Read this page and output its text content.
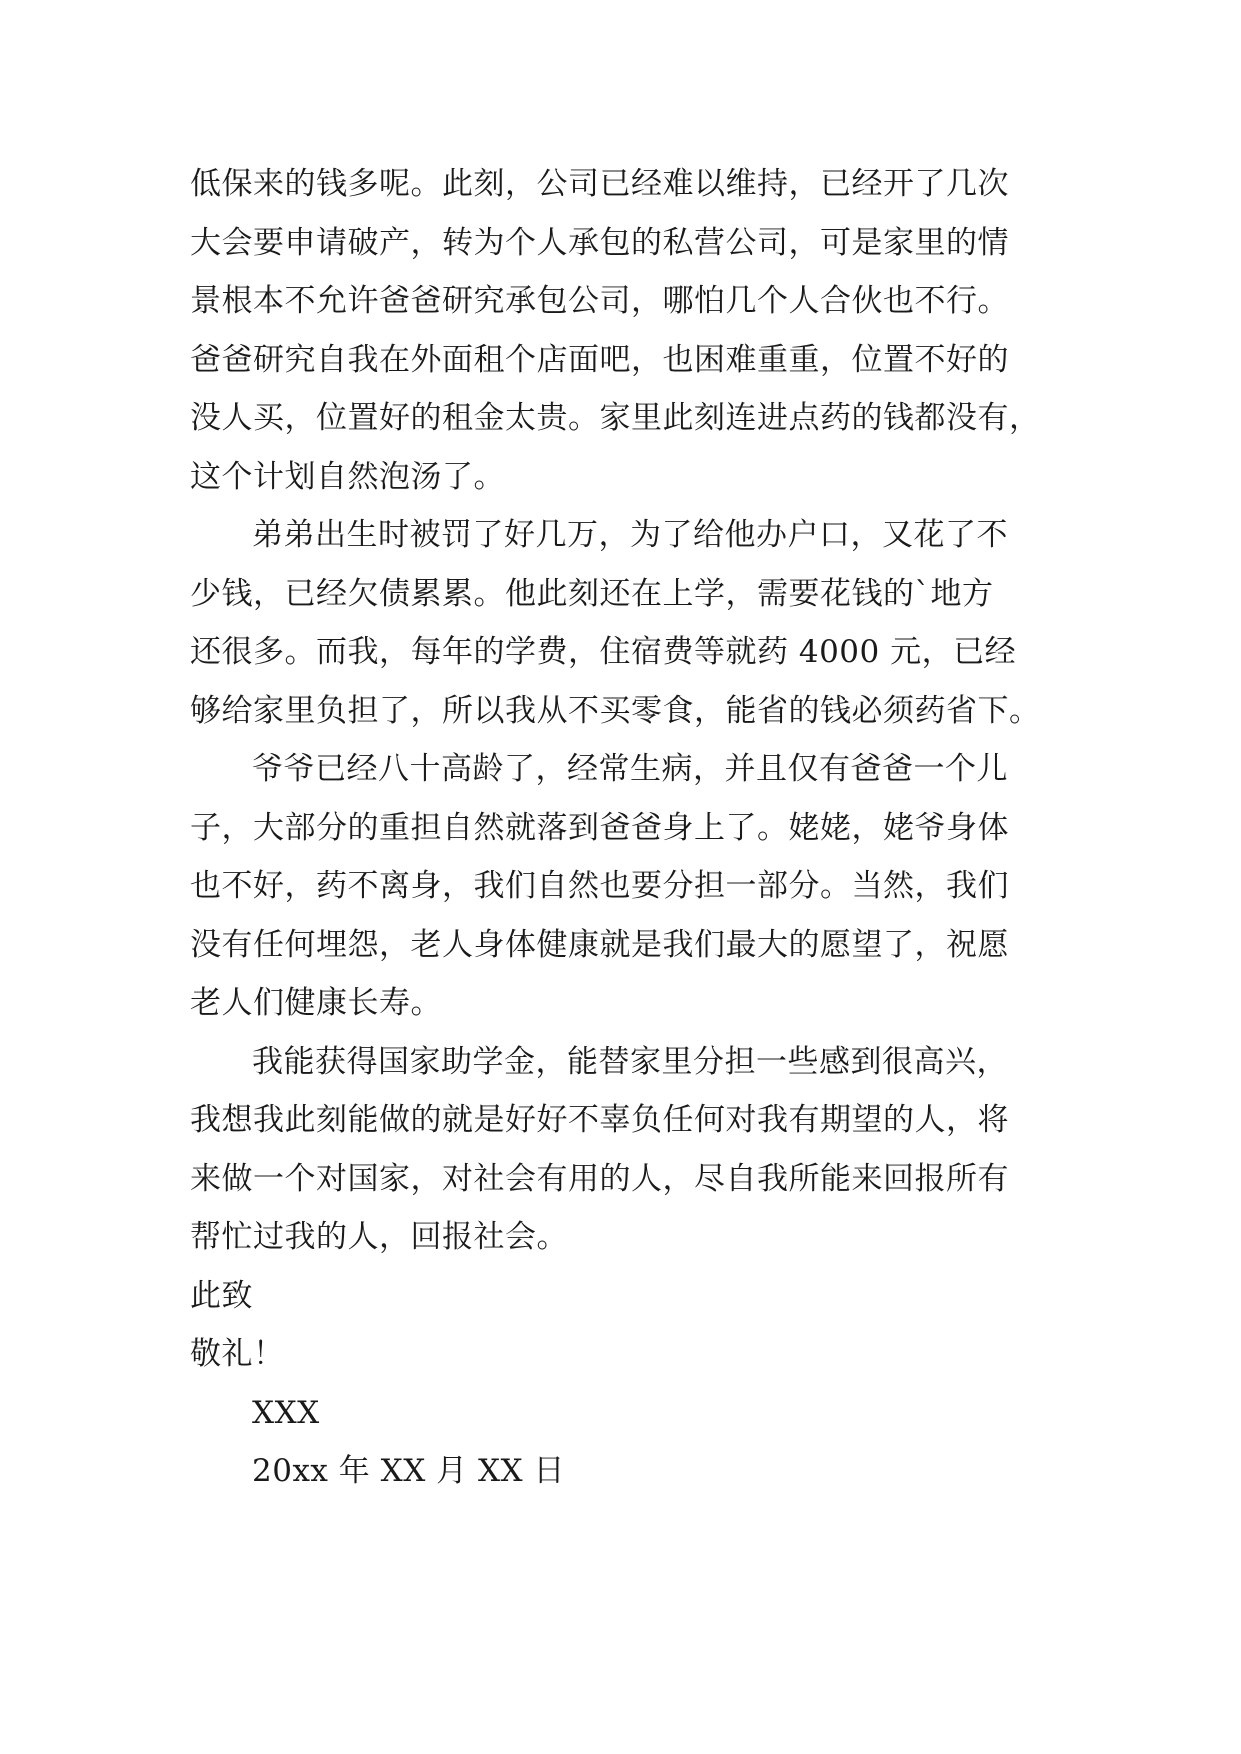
低保来的钱多呢。此刻，公司已经难以维持，已经开了几次
大会要申请破产，转为个人承包的私营公司，可是家里的情
景根本不允许爸爸研究承包公司，哪怕几个人合伙也不行。
爸爸研究自我在外面租个店面吧，也困难重重，位置不好的
没人买，位置好的租金太贵。家里此刻连进点药的钱都没有，
这个计划自然泡汤了。
弟弟出生时被罚了好几万，为了给他办户口，又花了不
少钱，已经欠债累累。他此刻还在上学，需要花钱的`地方
还很多。而我，每年的学费，住宿费等就药 4000 元，已经
够给家里负担了，所以我从不买零食，能省的钱必须药省下。
爷爷已经八十高龄了，经常生病，并且仅有爸爸一个儿
子，大部分的重担自然就落到爸爸身上了。姥姥，姥爷身体
也不好，药不离身，我们自然也要分担一部分。当然，我们
没有任何埋怨，老人身体健康就是我们最大的愿望了，祝愿
老人们健康长寿。
我能获得国家助学金，能替家里分担一些感到很高兴，
我想我此刻能做的就是好好不辜负任何对我有期望的人，将
来做一个对国家，对社会有用的人，尽自我所能来回报所有
帮忙过我的人，回报社会。
此致
敬礼！
XXX
20xx 年 XX 月 XX 日
